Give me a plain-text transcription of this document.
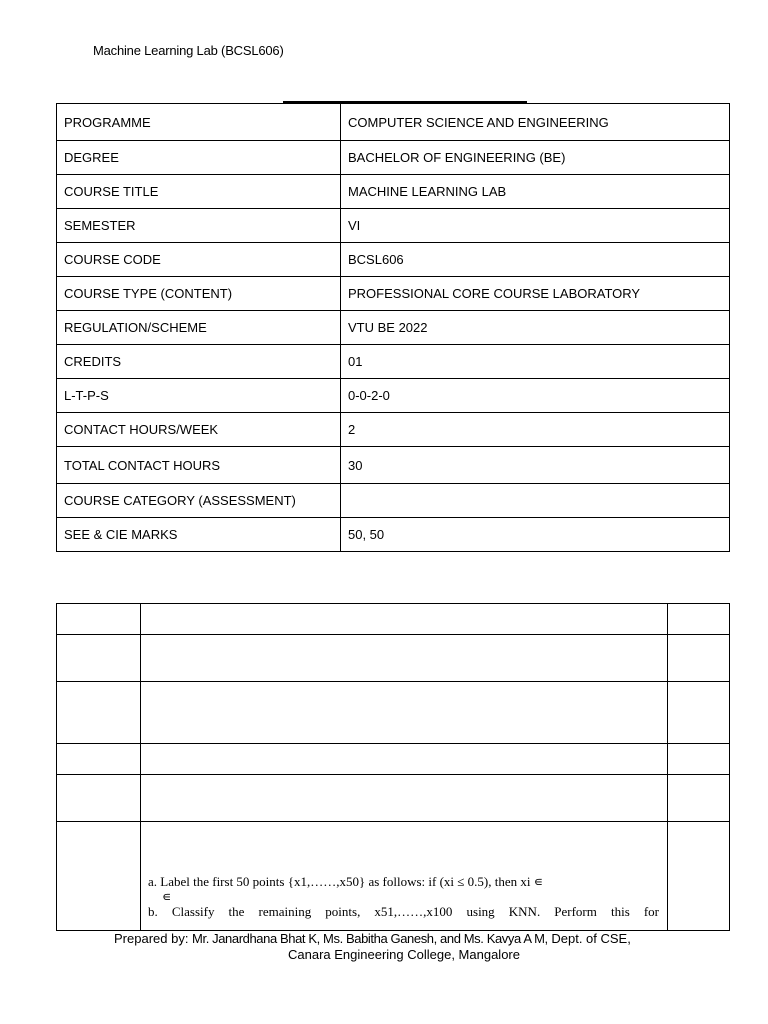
Machine Learning Lab (BCSL606)
PROGRAMME	COMPUTER SCIENCE AND ENGINEERING
DEGREE	BACHELOR OF ENGINEERING (BE)
COURSE TITLE	MACHINE LEARNING LAB
SEMESTER	VI
COURSE CODE	BCSL606
COURSE TYPE (CONTENT)	PROFESSIONAL CORE COURSE LABORATORY
REGULATION/SCHEME	VTU BE 2022
CREDITS	01
L-T-P-S	0-0-2-0
CONTACT HOURS/WEEK	2
TOTAL CONTACT HOURS	30
COURSE CATEGORY (ASSESSMENT)	
SEE & CIE MARKS	50, 50

	a. Label the first 50 points {x1,……,x50} as follows: if (xi ≤ 0.5), then xi ∊
∊
b. Classify the remaining points, x51,……,x100 using KNN. Perform this for	

Prepared by: Mr. Janardhana Bhat K, Ms. Babitha Ganesh, and Ms. Kavya A M, Dept. of CSE,
Canara Engineering College, Mangalore
